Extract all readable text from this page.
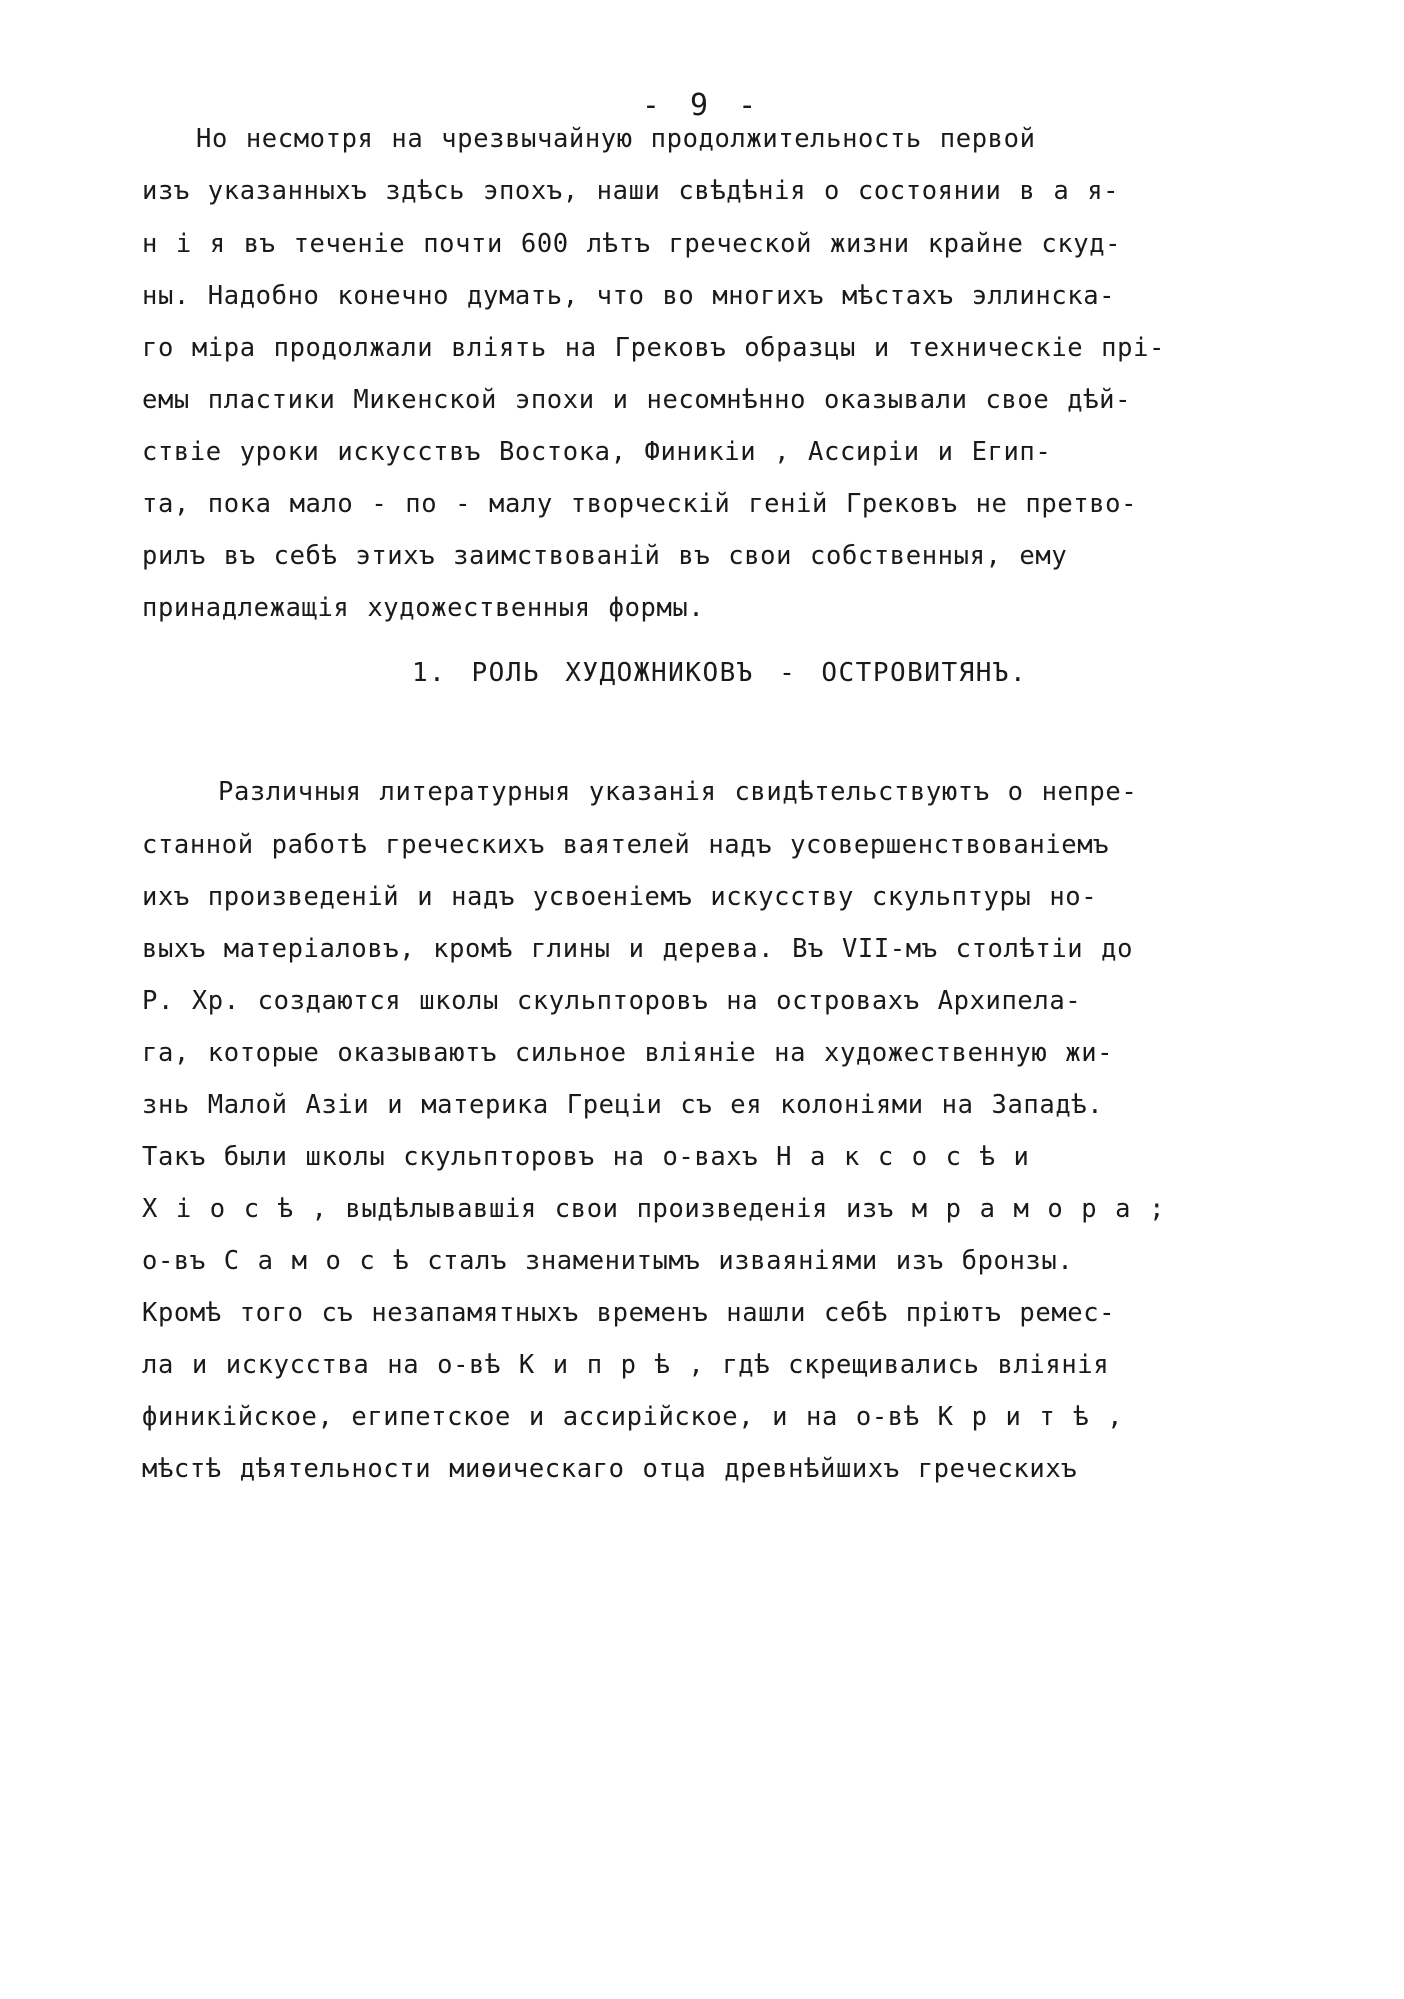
- 9 -
Но несмотря на чрезвычайную продолжительность первой
изъ указанныхъ здѣсь эпохъ, наши свѣдѣнія о состоянии в а я-
н і я въ теченіе почти 600 лѣтъ греческой жизни крайне скуд-
ны. Надобно конечно думать, что во многихъ мѣстахъ эллинска-
го міра продолжали вліять на Грековъ образцы и техническіе прі-
емы пластики Микенской эпохи и несомнѣнно оказывали свое дѣй-
ствіе уроки искусствъ Востока, Финикіи , Ассиріи и Егип-
та, пока мало - по - малу творческій геній Грековъ не претво-
рилъ въ себѣ этихъ заимствованій въ свои собственныя, ему
принадлежащія художественныя формы.
1. РОЛЬ ХУДОЖНИКОВЪ - ОСТРОВИТЯНЪ.
Различныя литературныя указанія свидѣтельствуютъ о непре-
станной работѣ греческихъ ваятелей надъ усовершенствованіемъ
ихъ произведеній и надъ усвоеніемъ искусству скульптуры но-
выхъ матеріаловъ, кромѣ глины и дерева. Въ VII-мъ столѣтіи до
Р. Хр. создаются школы скульпторовъ на островахъ Архипела-
га, которые оказываютъ сильное вліяніе на художественную жи-
знь Малой Азіи и материка Греціи съ ея колоніями на Западѣ.
Такъ были школы скульпторовъ на о-вахъ Н а к с о с ѣ и
Х і о с ѣ , выдѣлывавшія свои произведенія изъ м р а м о р а ;
о-въ С а м о с ѣ сталъ знаменитымъ изваяніями изъ бронзы.
Кромѣ того съ незапамятныхъ временъ нашли себѣ пріютъ ремес-
ла и искусства на о-вѣ К и п р ѣ , гдѣ скрещивались вліянія
финикійское, египетское и ассирійское, и на о-вѣ К р и т ѣ ,
мѣстѣ дѣятельности миѳическаго отца древнѣйшихъ греческихъ
